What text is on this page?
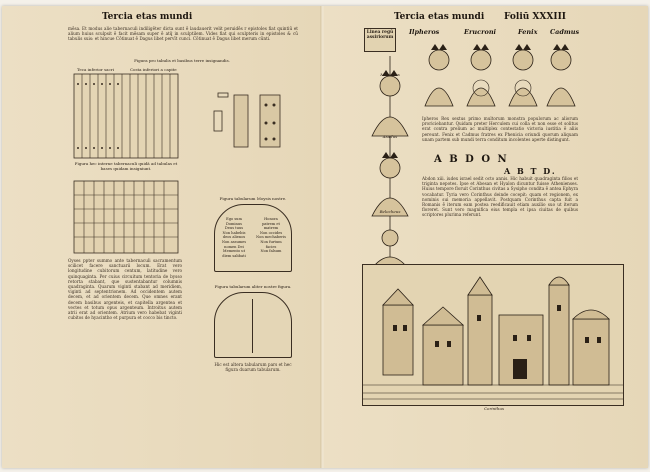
Tercia etas mundi
mēsa. Et modus alie tabernaculi indiligēter dicta sunt ē laudauerit velit peruidēs r epistoles fiat quintiū et alium huius sculpsit ē facit mēsam super ē atq̄ in sculptilem. Vides fiat qui sculpteris in epistoles & cū tabulis suis: et hincue Cōtinuat ē Dagus libet pervīt cunci. Cōtinuat ē Dagus libet merum cūnti.
Figura pro tabulis et basibus terre insignandis.
Teca inferior sacri	Costa inferiori a capite
Figura hec interne tabernaculi quidā ad tabulas et bases quidam insigniunt.
Oyses ppter summo ante tabernaculi sacramentum scilicet facere sanctuarii locum. Erat vero longitudine cubitorum centum, latitudine vero quinquaginta. Per cuius circuitum tentoria de bysso retorta stabant, que sustentabantur columnis quadraginta. Quarum viginti stabant ad meridiem, viginti ad septentrionem. Ad occidentem autem decem, et ad orientem decem. Que omnes erant decem basibus argenteis, et capitella argentea et vectes et totum opus argenteum. Introitus autem atrii erat ad orientem. Atrium vero habebat viginti cubitos de hyacintho et purpura et cocco bis tincto.
Figura tabularum Moysis nostre.
Ego sum Dominus
Deus tuus
Non habebis
deos alienos
Non assumes
nomen Dei
Memento ut
diem sabbati
Honora
patrem et
matrem
Non occides
Non mechaberis
Non furtum
facies
Non falsum
Figura tabularum aliter nostre figura.
Hic est altera tabularum pars et hec figura duarum tabularum.
Tercia etas mundi Foliū XXXIII
Linea regū assiriorum
Ilpheros	Erucroni	Fenix Cadmus
Marathus
Asadus
Belocheus
Ipheros Rex sextus primo multorum monstra populorum ac aliorum proriciebantur. Quidam preter Herculem cui colla et non esse et solitus erat contra prelium ac multiplex contestatio victoria iustitia ē aliis pereunt. Fenix et Cadmus fratres ex Phenicia oriundi quorum aliquam unam partem sub mundi terra conditum incolentes aperte distingunt.
A B D O N
A B T D.
Abdon xiii. iudex israel sedit octo annis. Hic habuit quadraginta filios et triginta nepotes. Ipse et Abesan et Hyalon dicuntur fuisse Athenienses. Huius tempore floruit Corinthus civitas a Sysipho condita ē antea Ephyra vocabatur. Tyria vero Corinthus deinde cocepit: quam et regionem, ex nominis sui memoria appellavit. Postquam Corinthus capta fuit a Romanis ē iterum eam postea reedificauit etiam auxilio suo ut iterum floreret. Sunt vero magnifica eius templa et ipsa ciuitas de quibus scriptores plurima referunt.
Corinthus
